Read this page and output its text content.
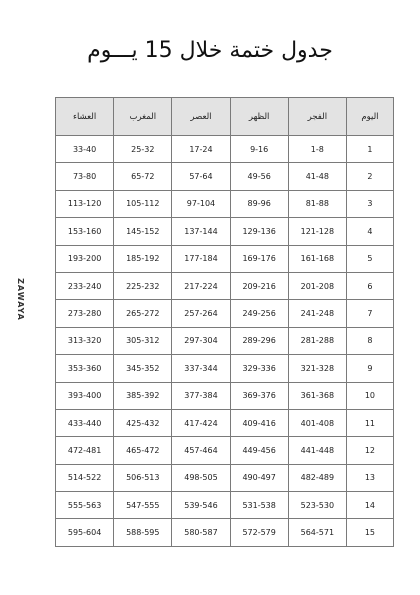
جدول ختمة خلال 15 يـــوم
ZAWAYA
اليوم	الفجر	الظهر	العصر	المغرب	العشاء
1	1-8	9-16	17-24	25-32	33-40
2	41-48	49-56	57-64	65-72	73-80
3	81-88	89-96	97-104	105-112	113-120
4	121-128	129-136	137-144	145-152	153-160
5	161-168	169-176	177-184	185-192	193-200
6	201-208	209-216	217-224	225-232	233-240
7	241-248	249-256	257-264	265-272	273-280
8	281-288	289-296	297-304	305-312	313-320
9	321-328	329-336	337-344	345-352	353-360
10	361-368	369-376	377-384	385-392	393-400
11	401-408	409-416	417-424	425-432	433-440
12	441-448	449-456	457-464	465-472	472-481
13	482-489	490-497	498-505	506-513	514-522
14	523-530	531-538	539-546	547-555	555-563
15	564-571	572-579	580-587	588-595	595-604
